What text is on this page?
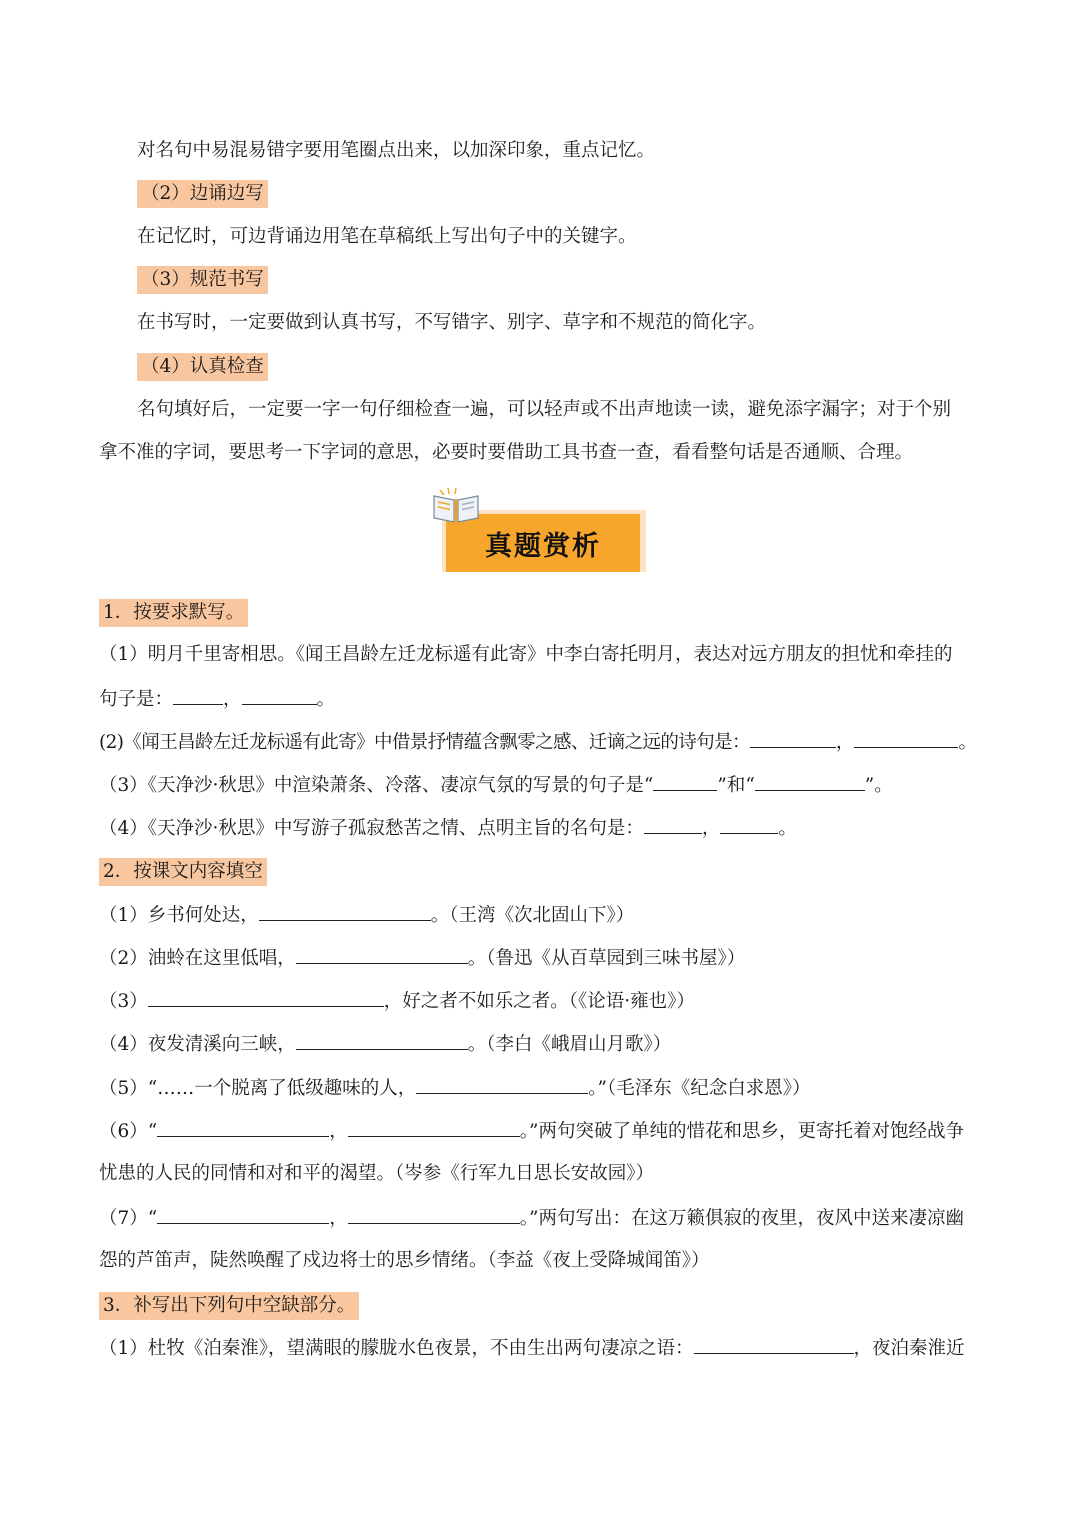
对名句中易混易错字要用笔圈点出来，以加深印象，重点记忆。
（2）边诵边写
在记忆时，可边背诵边用笔在草稿纸上写出句子中的关键字。
（3）规范书写
在书写时，一定要做到认真书写，不写错字、别字、草字和不规范的简化字。
（4）认真检查
名句填好后，一定要一字一句仔细检查一遍，可以轻声或不出声地读一读，避免添字漏字；对于个别
拿不准的字词，要思考一下字词的意思，必要时要借助工具书查一查，看看整句话是否通顺、合理。
真题赏析
1．按要求默写。
（1）明月千里寄相思。《闻王昌龄左迁龙标遥有此寄》中李白寄托明月，表达对远方朋友的担忧和牵挂的
句子是：	，	。
(2)《闻王昌龄左迁龙标遥有此寄》中借景抒情蕴含飘零之感、迁谪之远的诗句是：	，	。
（3）《天净沙·秋思》中渲染萧条、冷落、凄凉气氛的写景的句子是“	”和“	”。
（4）《天净沙·秋思》中写游子孤寂愁苦之情、点明主旨的名句是：	，	。
2．按课文内容填空
（1）乡书何处达，	。（王湾《次北固山下》）
（2）油蛉在这里低唱，	。（鲁迅《从百草园到三味书屋》）
（3）	，好之者不如乐之者。（《论语·雍也》）
（4）夜发清溪向三峡，	。（李白《峨眉山月歌》）
（5）“……一个脱离了低级趣味的人，	。”（毛泽东《纪念白求恩》）
（6）“	，	。”两句突破了单纯的惜花和思乡，更寄托着对饱经战争
忧患的人民的同情和对和平的渴望。（岑参《行军九日思长安故园》）
（7）“	，	。”两句写出：在这万籁俱寂的夜里，夜风中送来凄凉幽
怨的芦笛声，陡然唤醒了戍边将士的思乡情绪。（李益《夜上受降城闻笛》）
3．补写出下列句中空缺部分。
（1）杜牧《泊秦淮》，望满眼的朦胧水色夜景，不由生出两句凄凉之语：	，夜泊秦淮近
